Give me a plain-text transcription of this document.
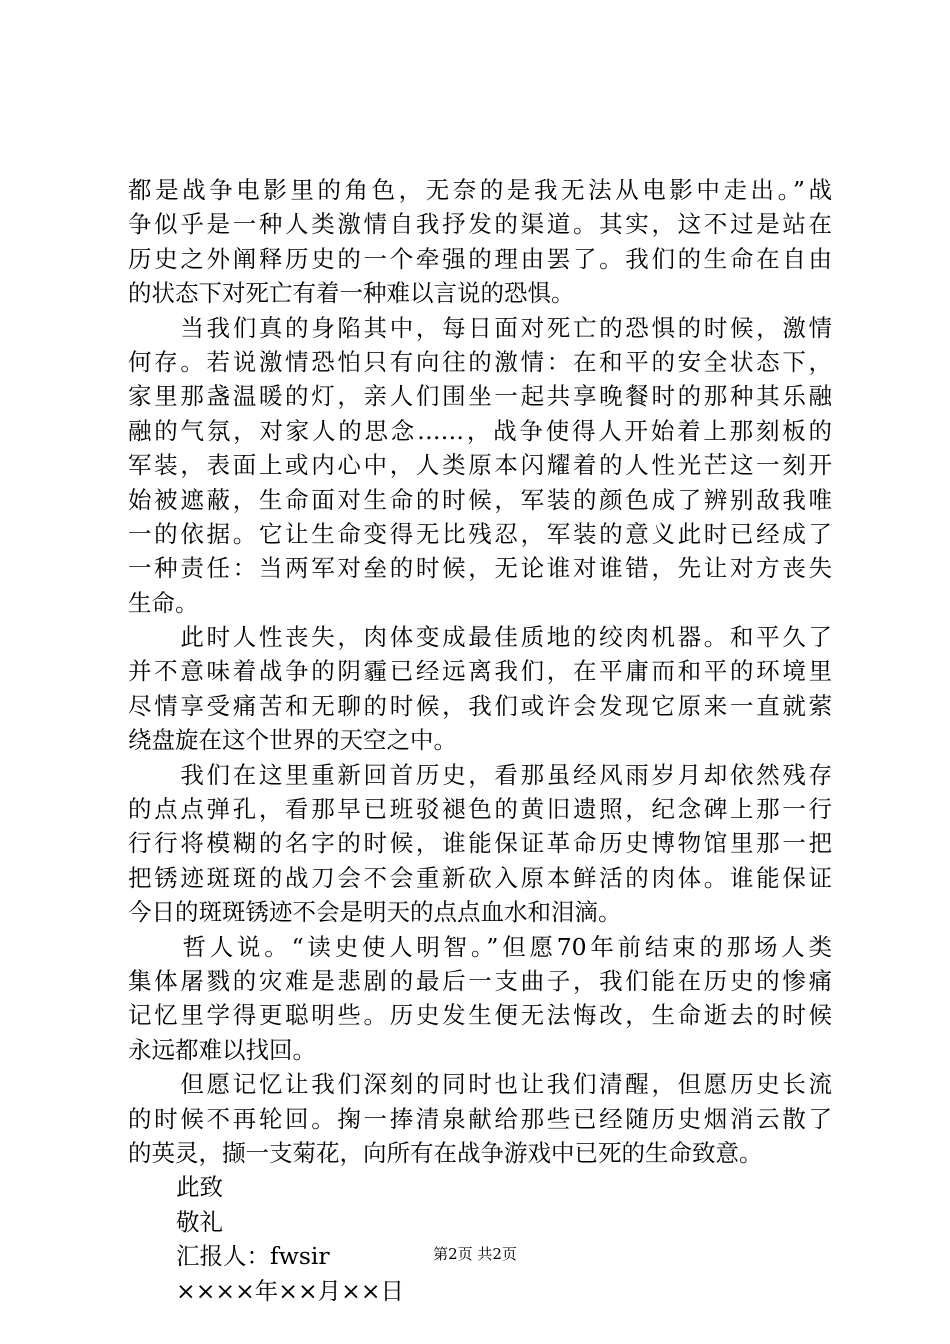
都是战争电影里的角色，无奈的是我无法从电影中走出。”战
争似乎是一种人类激情自我抒发的渠道。其实，这不过是站在
历史之外阐释历史的一个牵强的理由罢了。我们的生命在自由
的状态下对死亡有着一种难以言说的恐惧。
　　当我们真的身陷其中，每日面对死亡的恐惧的时候，激情
何存。若说激情恐怕只有向往的激情：在和平的安全状态下，
家里那盏温暖的灯，亲人们围坐一起共享晚餐时的那种其乐融
融的气氛，对家人的思念……，战争使得人开始着上那刻板的
军装，表面上或内心中，人类原本闪耀着的人性光芒这一刻开
始被遮蔽，生命面对生命的时候，军装的颜色成了辨别敌我唯
一的依据。它让生命变得无比残忍，军装的意义此时已经成了
一种责任：当两军对垒的时候，无论谁对谁错，先让对方丧失
生命。
　　此时人性丧失，肉体变成最佳质地的绞肉机器。和平久了
并不意味着战争的阴霾已经远离我们，在平庸而和平的环境里
尽情享受痛苦和无聊的时候，我们或许会发现它原来一直就萦
绕盘旋在这个世界的天空之中。
　　我们在这里重新回首历史，看那虽经风雨岁月却依然残存
的点点弹孔，看那早已班驳褪色的黄旧遗照，纪念碑上那一行
行行将模糊的名字的时候，谁能保证革命历史博物馆里那一把
把锈迹斑斑的战刀会不会重新砍入原本鲜活的肉体。谁能保证
今日的斑斑锈迹不会是明天的点点血水和泪滴。
　　哲人说。“读史使人明智。”但愿70年前结束的那场人类
集体屠戮的灾难是悲剧的最后一支曲子，我们能在历史的惨痛
记忆里学得更聪明些。历史发生便无法悔改，生命逝去的时候
永远都难以找回。
　　但愿记忆让我们深刻的同时也让我们清醒，但愿历史长流
的时候不再轮回。掬一捧清泉献给那些已经随历史烟消云散了
的英灵，撷一支菊花，向所有在战争游戏中已死的生命致意。
此致
敬礼
汇报人：fwsir
××××年××月××日
第2页 共2页
